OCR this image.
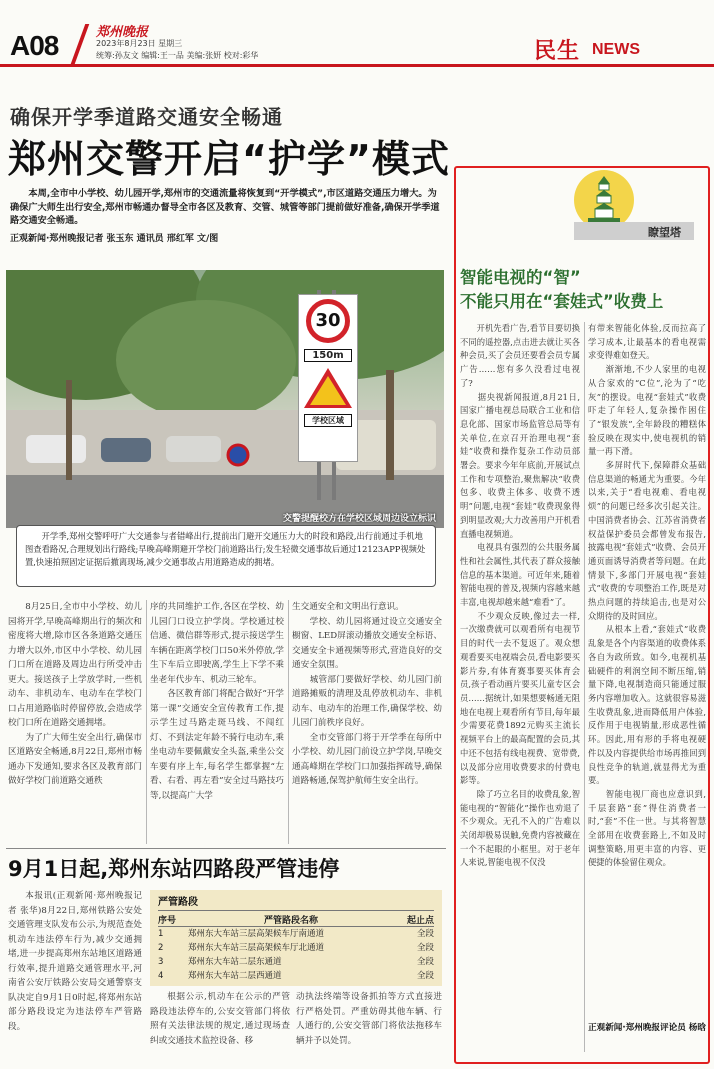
A08	郑州晚报
2023年8月23日 星期三
统筹:孙友文 编辑:王一品 美编:张妍 校对:彩华	民生 NEWS
确保开学季道路交通安全畅通
郑州交警开启“护学”模式
本周,全市中小学校、幼儿园开学,郑州市的交通流量将恢复到“开学模式”,市区道路交通压力增大。为确保广大师生出行安全,郑州市畅通办督导全市各区及教育、交管、城管等部门提前做好准备,确保开学季道路交通安全畅通。
正观新闻·郑州晚报记者 张玉东 通讯员 邢红军 文/图
30
150m
学校区域
交警提醒校方在学校区域周边设立标识
开学季,郑州交警呼吁广大交通参与者错峰出行,提前出门避开交通压力大的时段和路段,出行前通过手机地图查看路况,合理规划出行路线;早晚高峰期避开学校门前道路出行;发生轻微交通事故后通过12123APP视频处置,快速拍照固定证据后撤离现场,减少交通事故占用道路造成的拥堵。
8月25日,全市中小学校、幼儿园将开学,早晚高峰期出行的频次和密度将大增,除市区各条道路交通压力增大以外,市区中小学校、幼儿园门口所在道路及周边出行所受冲击更大。接送孩子上学放学时,一些机动车、非机动车、电动车在学校门口占用道路临时停留停放,会造成学校门口所在道路交通拥堵。
　　为了广大师生安全出行,确保市区道路安全畅通,8月22日,郑州市畅通办下发通知,要求各区及教育部门做好学校门前道路交通秩
序的共同维护工作,各区在学校、幼儿园门口设立护学岗。学校通过校信通、微信群等形式,提示接送学生车辆在距离学校门口50米外停放,学生下车后立即驶离,学生上下学不乘坐老年代步车、机动三轮车。
　　各区教育部门将配合做好“开学第一课”交通安全宣传教育工作,提示学生过马路走斑马线、不闯红灯、不到法定年龄不骑行电动车,乘坐电动车要佩戴安全头盔,乘坐公交车要有序上车,每名学生都掌握“左看、右看、再左看”安全过马路技巧等,以提高广大学
生交通安全和文明出行意识。
　　学校、幼儿园将通过设立交通安全橱窗、LED屏滚动播放交通安全标语、交通安全卡通视频等形式,营造良好的交通安全氛围。
　　城管部门要做好学校、幼儿园门前道路摊贩的清理及乱停放机动车、非机动车、电动车的治理工作,确保学校、幼儿园门前秩序良好。
　　全市交管部门将于开学季在每所中小学校、幼儿园门前设立护学岗,早晚交通高峰期在学校门口加强指挥疏导,确保道路畅通,保驾护航师生安全出行。
9月1日起,郑州东站四路段严管违停
本报讯(正观新闻·郑州晚报记者 张华)8月22日,郑州铁路公安处交通管理支队发布公示,为规范查处机动车违法停车行为,减少交通拥堵,进一步提高郑州东站地区道路通行效率,提升道路交通管理水平,河南省公安厅铁路公安局交通警察支队决定自9月1日0时起,将郑州东站部分路段设定为违法停车严管路段。
严管路段
序号	严管路段名称	起止点
1	郑州东大车站三层高架候车厅南通道	全段
2	郑州东大车站三层高架候车厅北通道	全段
3	郑州东大车站二层东通道	全段
4	郑州东大车站二层西通道	全段
根据公示,机动车在公示的严管路段违法停车的,公安交管部门将依照有关法律法规的规定,通过现场查纠或交通技术监控设备、移
动执法终端等设备抓拍等方式直接进行严格处罚。严重妨碍其他车辆、行人通行的,公安交管部门将依法拖移车辆并予以处罚。
瞭望塔
智能电视的“智”
不能只用在“套娃式”收费上
开机先看广告,看节目要切换不同的遥控器,点击进去就让买各种会员,买了会员还要看会员专属广告……您有多久没看过电视了?
　　据央视新闻报道,8月21日,国家广播电视总局联合工业和信息化部、国家市场监管总局等有关单位,在京召开治理电视“套娃”收费和操作复杂工作动员部署会。要求今年年底前,开展试点工作和专项整治,聚焦解决“收费包多、收费主体多、收费不透明”问题,电视“套娃”收费现象得到明显改观;大力改善用户开机看直播电视频道。
　　电视具有强烈的公共服务属性和社会属性,其代表了群众接触信息的基本渠道。可近年来,随着智能电视的普及,视频内容越来越丰富,电视却越来越“难看”了。
　　不少观众反映,像过去一样,一次缴费就可以观看所有电视节目的时代一去不复返了。观众想观看要买电视端会员,看电影要买影片券,有体育赛事要买体育会员,孩子看动画片要买儿童专区会员……据统计,如果想要畅通无阻地在电视上观看所有节目,每年最少需要花费1892元购买主流长视频平台上的最高配置的会员,其中还不包括有线电视费、宽带费,以及部分应用收费要求的付费电影等。
　　除了巧立名目的收费乱象,智能电视的“智能化”操作也劝退了不少观众。无孔不入的广告难以关闭却极易误触,免费内容被藏在一个不起眼的小框里。对于老年人来说,智能电视不仅没
有带来智能化体验,反而拉高了学习成本,让最基本的看电视需求变得难如登天。
　　渐渐地,不少人家里的电视从合家欢的“C位”,沦为了“吃灰”的摆设。电视“套娃式”收费吓走了年轻人,复杂操作困住了“银发族”,全年龄段的糟糕体验反映在现实中,使电视机的销量一再下滑。
　　多屏时代下,保障群众基础信息渠道的畅通尤为重要。今年以来,关于“看电视难、看电视烦”的问题已经多次引起关注。中国消费者协会、江苏省消费者权益保护委员会都曾发布报告,披露电视“套娃式”收费、会员开通页面诱导消费者等问题。在此情景下,多部门开展电视“套娃式”收费的专项整治工作,既是对热点问题的持续追击,也是对公众期待的及时回应。
　　从根本上看,“套娃式”收费乱象是各个内容渠道的收费体系各自为政所致。如今,电视机基础硬件的利润空间不断压缩,销量下降,电视制造商只能通过服务内容增加收入。这就很容易滋生收费乱象,进而降低用户体验,反作用于电视销量,形成恶性循环。因此,用有形的手将电视硬件以及内容提供给市场再推回到良性竞争的轨道,就显得尤为重要。
　　智能电视厂商也应意识到,千层套路“套”得住消费者一时,“套”不住一世。与其将智慧全部用在收费套路上,不如及时调整策略,用更丰富的内容、更便捷的体验留住观众。
正观新闻·郑州晚报评论员 杨晗
